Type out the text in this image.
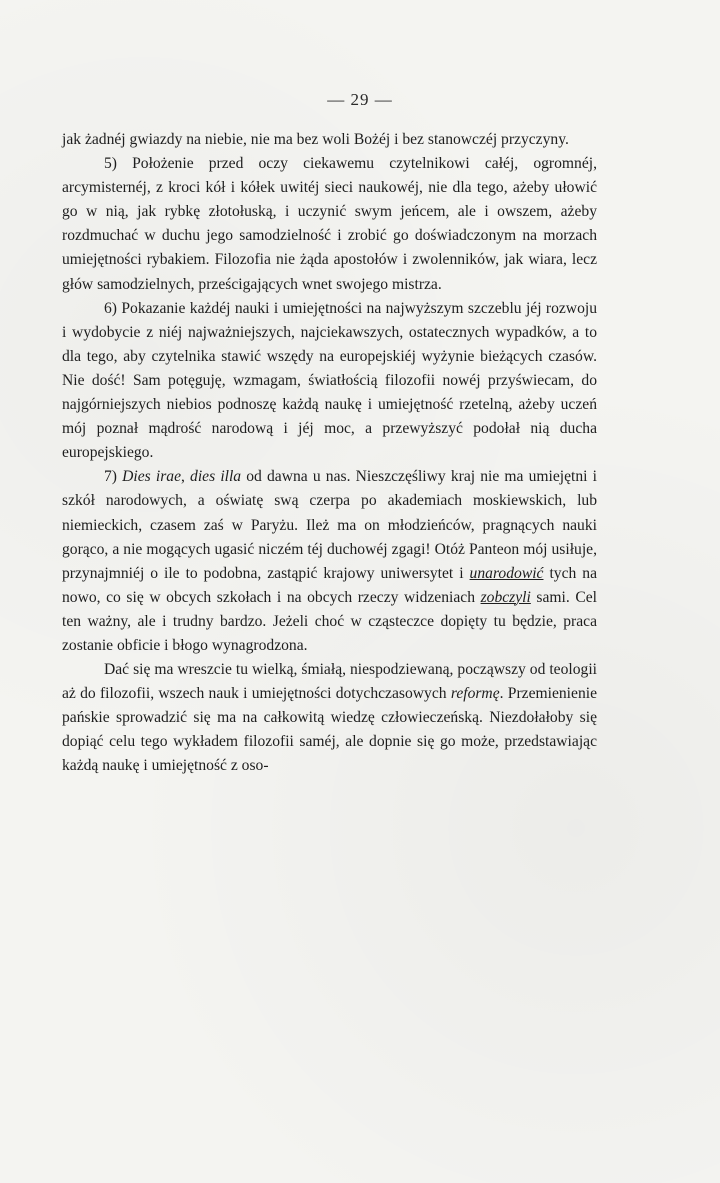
— 29 —

jak żadnéj gwiazdy na niebie, nie ma bez woli Bożéj i bez stanowczéj przyczyny.

5) Położenie przed oczy ciekawemu czytelnikowi całéj, ogromnéj, arcymisternéj, z kroci kół i kółek uwitéj sieci naukowéj, nie dla tego, ażeby ułowić go w nią, jak rybkę złotołuską, i uczynić swym jeńcem, ale i owszem, ażeby rozdmuchać w duchu jego samodzielność i zrobić go doświadczonym na morzach umiejętności rybakiem. Filozofia nie żąda apostołów i zwolenników, jak wiara, lecz głów samodzielnych, prześcigających wnet swojego mistrza.

6) Pokazanie każdéj nauki i umiejętności na najwyższym szczeblu jéj rozwoju i wydobycie z niéj najważniejszych, najciekawszych, ostatecznych wypadków, a to dla tego, aby czytelnika stawić wszędy na europejskiéj wyżynie bieżących czasów. Nie dość! Sam potęguję, wzmagam, światłością filozofii nowéj przyświecam, do najgórniejszych niebios podnoszę każdą naukę i umiejętność rzetelną, ażeby uczeń mój poznał mądrość narodową i jéj moc, a przewyższyć podołał nią ducha europejskiego.

7) Dies irae, dies illa od dawna u nas. Nieszczęśliwy kraj nie ma umiejętni i szkół narodowych, a oświatę swą czerpa po akademiach moskiewskich, lub niemieckich, czasem zaś w Paryżu. Ileż ma on młodzieńców, pragnących nauki gorąco, a nie mogących ugasić niczém téj duchowéj zgagi! Otóż Panteon mój usiłuje, przynajmniéj o ile to podobna, zastąpić krajowy uniwersytet i unarodowić tych na nowo, co się w obcych szkołach i na obcych rzeczy widzeniach zobczyli sami. Cel ten ważny, ale i trudny bardzo. Jeżeli choć w cząsteczce dopięty tu będzie, praca zostanie obficie i błogo wynagrodzona.

Dać się ma wreszcie tu wielką, śmiałą, niespodziewaną, począwszy od teologii aż do filozofii, wszech nauk i umiejętności dotychczasowych reformę. Przemienienie pańskie sprowadzić się ma na całkowitą wiedzę człowieczeńską. Niezdołałoby się dopiąć celu tego wykładem filozofii saméj, ale dopnie się go może, przedstawiając każdą naukę i umiejętność z oso-
